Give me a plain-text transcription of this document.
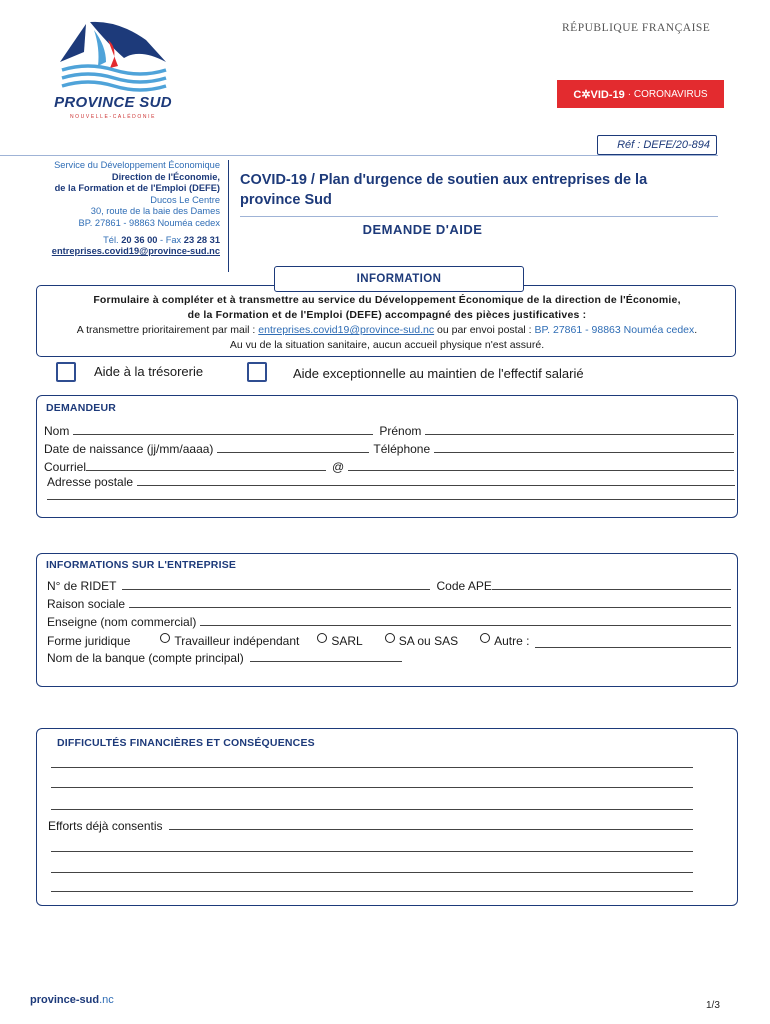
PROVINCE SUD
NOUVELLE-CALÉDONIE
RÉPUBLIQUE FRANÇAISE
C✲VID-19 · CORONAVIRUS
Réf : DEFE/20-894
Service du Développement Économique
Direction de l'Économie,
de la Formation et de l'Emploi (DEFE)
Ducos Le Centre
30, route de la baie des Dames
BP. 27861 - 98863 Nouméa cedex
Tél. 20 36 00 - Fax 23 28 31
entreprises.covid19@province-sud.nc
COVID-19 / Plan d'urgence de soutien aux entreprises de la province Sud
DEMANDE D'AIDE
INFORMATION
Formulaire à compléter et à transmettre au service du Développement Économique de la direction de l'Économie,
de la Formation et de l'Emploi (DEFE) accompagné des pièces justificatives :
A transmettre prioritairement par mail : entreprises.covid19@province-sud.nc ou par envoi postal : BP. 27861 - 98863 Nouméa cedex.
Au vu de la situation sanitaire, aucun accueil physique n'est assuré.
Aide à la trésorerie	Aide exceptionnelle au maintien de l'effectif salarié
DEMANDEUR
Nom	Prénom
Date de naissance (jj/mm/aaaa)	Téléphone
Courriel	@
Adresse postale
INFORMATIONS SUR L'ENTREPRISE
N° de RIDET	Code APE
Raison sociale
Enseigne (nom commercial)
Forme juridique	Travailleur indépendant	SARL	SA ou SAS	Autre :
Nom de la banque (compte principal)
DIFFICULTÉS FINANCIÈRES ET CONSÉQUENCES
Efforts déjà consentis
province-sud.nc	1/3
